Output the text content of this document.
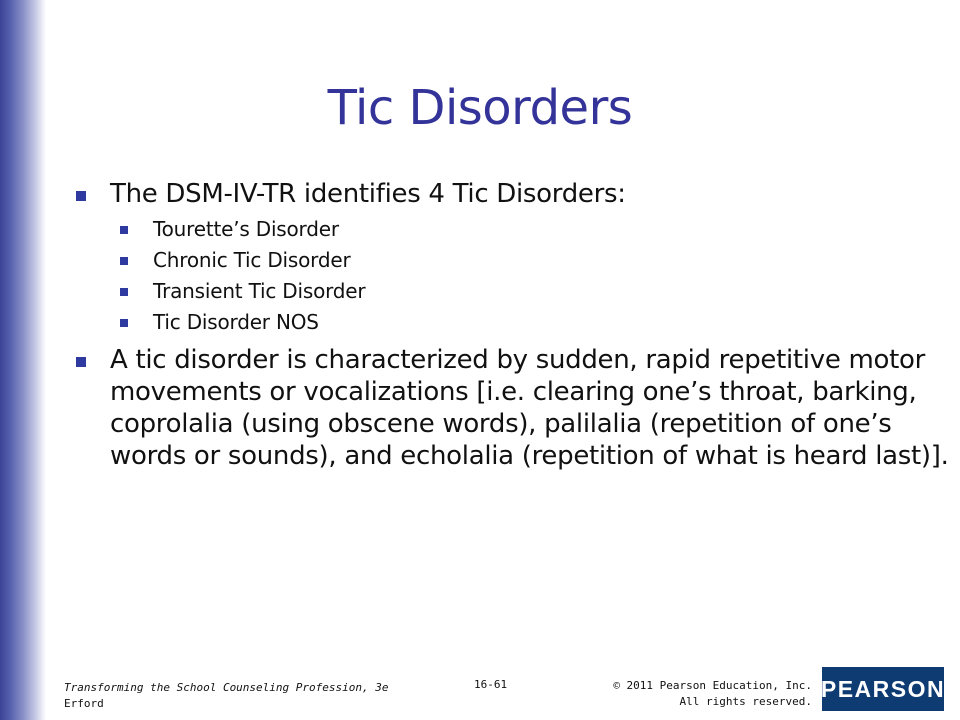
Tic Disorders
The DSM-IV-TR identifies 4 Tic Disorders:
Tourette’s Disorder
Chronic Tic Disorder
Transient Tic Disorder
Tic Disorder NOS
A tic disorder is characterized by sudden, rapid repetitive motor movements or vocalizations [i.e. clearing one’s throat, barking, coprolalia (using obscene words), palilalia (repetition of one’s words or sounds), and echolalia (repetition of what is heard last)].
Transforming the School Counseling Profession, 3e
Erford
16-61	© 2011 Pearson Education, Inc.
All rights reserved. PEARSON
